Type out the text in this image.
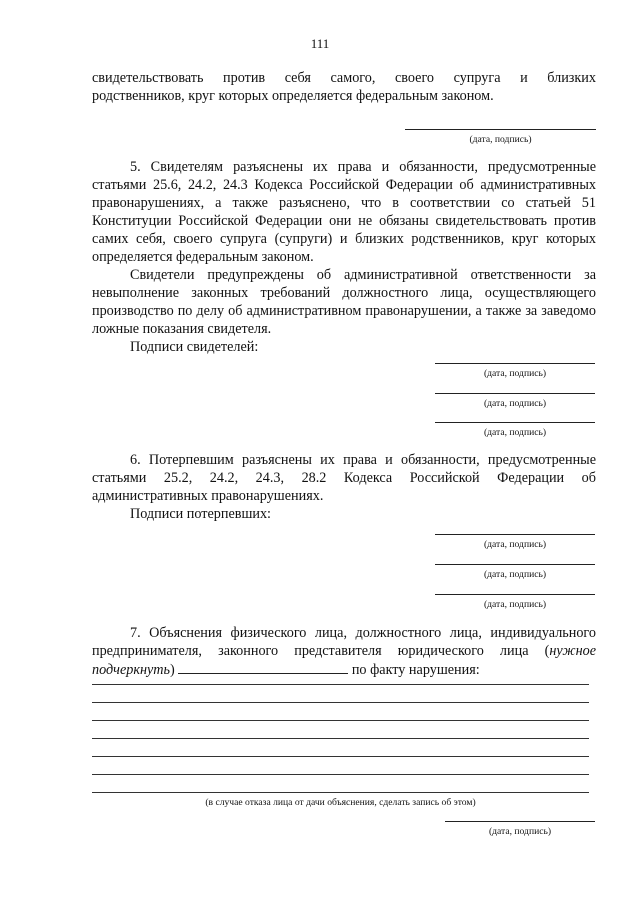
111
свидетельствовать против себя самого, своего супруга и близких
родственников, круг которых определяется федеральным законом.
(дата, подпись)
5. Свидетелям разъяснены их права и обязанности, предусмотренные статьями 25.6, 24.2, 24.3 Кодекса Российской Федерации об административных правонарушениях, а также разъяснено, что в соответствии со статьей 51 Конституции Российской Федерации они не обязаны свидетельствовать против самих себя, своего супруга (супруги) и близких родственников, круг которых определяется федеральным законом.
Свидетели предупреждены об административной ответственности за невыполнение законных требований должностного лица, осуществляющего производство по делу об административном правонарушении, а также за заведомо ложные показания свидетеля.
Подписи свидетелей:
(дата, подпись)
(дата, подпись)
(дата, подпись)
6. Потерпевшим разъяснены их права и обязанности, предусмотренные статьями 25.2, 24.2, 24.3, 28.2 Кодекса Российской Федерации об административных правонарушениях.
Подписи потерпевших:
(дата, подпись)
(дата, подпись)
(дата, подпись)
7. Объяснения физического лица, должностного лица, индивидуального
предпринимателя, законного представителя юридического лица (нужное
подчеркнуть)	по факту нарушения:
(в случае отказа лица от дачи объяснения, сделать запись об этом)
(дата, подпись)
